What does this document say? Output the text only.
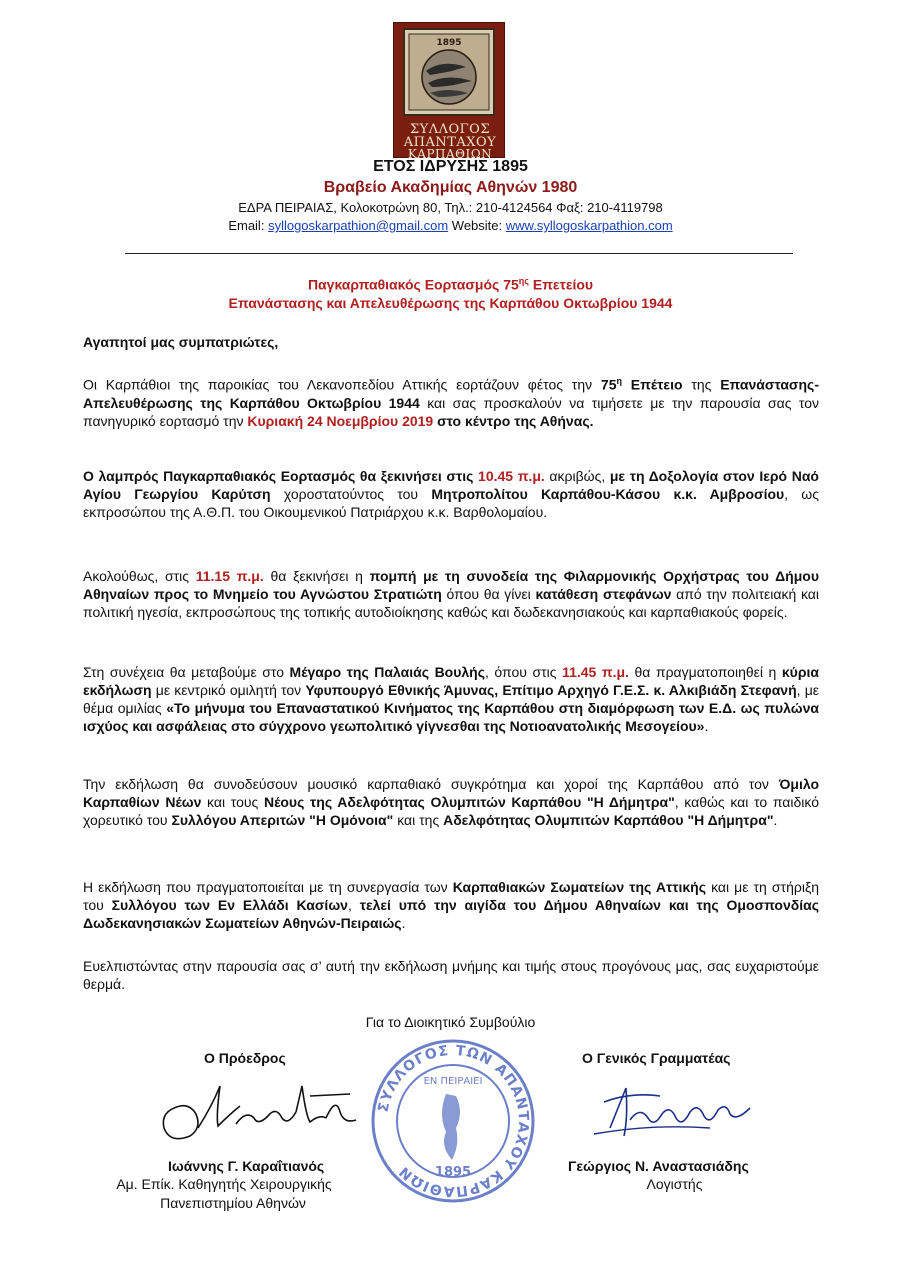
1895
ΣΥΛΛΟΓΟΣ
ΑΠΑΝΤΑΧΟΥ
ΚΑΡΠΑΘΙΩΝ
ΕΤΟΣ ΙΔΡΥΣΗΣ 1895
Βραβείο Ακαδημίας Αθηνών 1980
ΕΔΡΑ ΠΕΙΡΑΙΑΣ, Κολοκοτρώνη 80, Τηλ.: 210-4124564 Φαξ: 210-4119798
Email: syllogoskarpathion@gmail.com Website: www.syllogoskarpathion.com
Παγκαρπαθιακός Εορτασμός $75^{\eta\varsigma}$ Επετείου
Επανάστασης και Απελευθέρωσης της Καρπάθου Οκτωβρίου 1944
Αγαπητοί μας συμπατριώτες,
Οι Καρπάθιοι της παροικίας του Λεκανοπεδίου Αττικής εορτάζουν φέτος την $75^\eta$ Επέτειο της Επανάστασης-Απελευθέρωσης της Καρπάθου Οκτωβρίου 1944 και σας προσκαλούν να τιμήσετε με την παρουσία σας τον πανηγυρικό εορτασμό την Κυριακή 24 Νοεμβρίου 2019 στο κέντρο της Αθήνας.
Ο λαμπρός Παγκαρπαθιακός Εορτασμός θα ξεκινήσει στις 10.45 π.μ. ακριβώς, με τη Δοξολογία στον Ιερό Ναό Αγίου Γεωργίου Καρύτση χοροστατούντος του Μητροπολίτου Καρπάθου-Κάσου κ.κ. Αμβροσίου, ως εκπροσώπου της Α.Θ.Π. του Οικουμενικού Πατριάρχου κ.κ. Βαρθολομαίου.
Ακολούθως, στις 11.15 π.μ. θα ξεκινήσει η πομπή με τη συνοδεία της Φιλαρμονικής Ορχήστρας του Δήμου Αθηναίων προς το Μνημείο του Αγνώστου Στρατιώτη όπου θα γίνει κατάθεση στεφάνων από την πολιτειακή και πολιτική ηγεσία, εκπροσώπους της τοπικής αυτοδιοίκησης καθώς και δωδεκανησιακούς και καρπαθιακούς φορείς.
Στη συνέχεια θα μεταβούμε στο Μέγαρο της Παλαιάς Βουλής, όπου στις 11.45 π.μ. θα πραγματοποιηθεί η κύρια εκδήλωση με κεντρικό ομιλητή τον Υφυπουργό Εθνικής Άμυνας, Επίτιμο Αρχηγό Γ.Ε.Σ. κ. Αλκιβιάδη Στεφανή, με θέμα ομιλίας «Το μήνυμα του Επαναστατικού Κινήματος της Καρπάθου στη διαμόρφωση των Ε.Δ. ως πυλώνα ισχύος και ασφάλειας στο σύγχρονο γεωπολιτικό γίγνεσθαι της Νοτιοανατολικής Μεσογείου».
Την εκδήλωση θα συνοδεύσουν μουσικό καρπαθιακό συγκρότημα και χοροί της Καρπάθου από τον Όμιλο Καρπαθίων Νέων και τους Νέους της Αδελφότητας Ολυμπιτών Καρπάθου "Η Δήμητρα", καθώς και το παιδικό χορευτικό του Συλλόγου Απεριτών "Η Ομόνοια" και της Αδελφότητας Ολυμπιτών Καρπάθου "Η Δήμητρα".
Η εκδήλωση που πραγματοποιείται με τη συνεργασία των Καρπαθιακών Σωματείων της Αττικής και με τη στήριξη του Συλλόγου των Εν Ελλάδι Κασίων, τελεί υπό την αιγίδα του Δήμου Αθηναίων και της Ομοσπονδίας Δωδεκανησιακών Σωματείων Αθηνών-Πειραιώς.
Ευελπιστώντας στην παρουσία σας σ’ αυτή την εκδήλωση μνήμης και τιμής στους προγόνους μας, σας ευχαριστούμε θερμά.
Για το Διοικητικό Συμβούλιο
Ο Πρόεδρος	Ο Γενικός Γραμματέας
ΣΥΛΛΟΓΟΣ ΤΩΝ ΑΠΑΝΤΑΧΟΥ ΚΑΡΠΑΘΙΩΝ
ΕΝ ΠΕΙΡΑΙΕΙ
1895
Ιωάννης Γ. Καραΐτιανός
Αμ. Επίκ. Καθηγητής Χειρουργικής
Πανεπιστημίου Αθηνών
Γεώργιος Ν. Αναστασιάδης
Λογιστής
